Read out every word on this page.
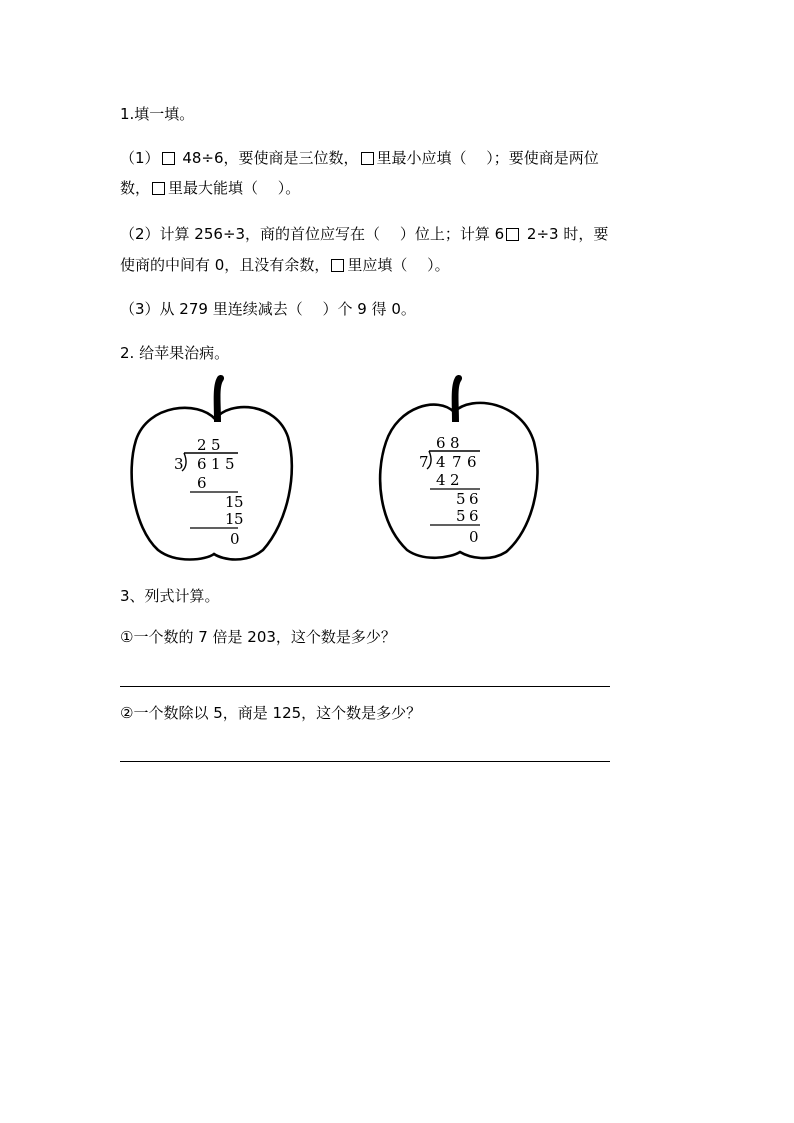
1.填一填。
（1） 48÷6，要使商是三位数， 里最小应填（　 ）；要使商是两位
数， 里最大能填（　 ）。
（2）计算 256÷3，商的首位应写在（　 ）位上；计算 6 2÷3 时，要
使商的中间有 0，且没有余数， 里应填（　 ）。
（3）从 279 里连续减去（　 ）个 9 得 0。
2. 给苹果治病。
2 5
3 6 1 5
6
1 5
1 5
0
6 8
7 4 7 6
4 2
5 6
5 6
0
3、列式计算。
①一个数的 7 倍是 203，这个数是多少？
②一个数除以 5，商是 125，这个数是多少？
